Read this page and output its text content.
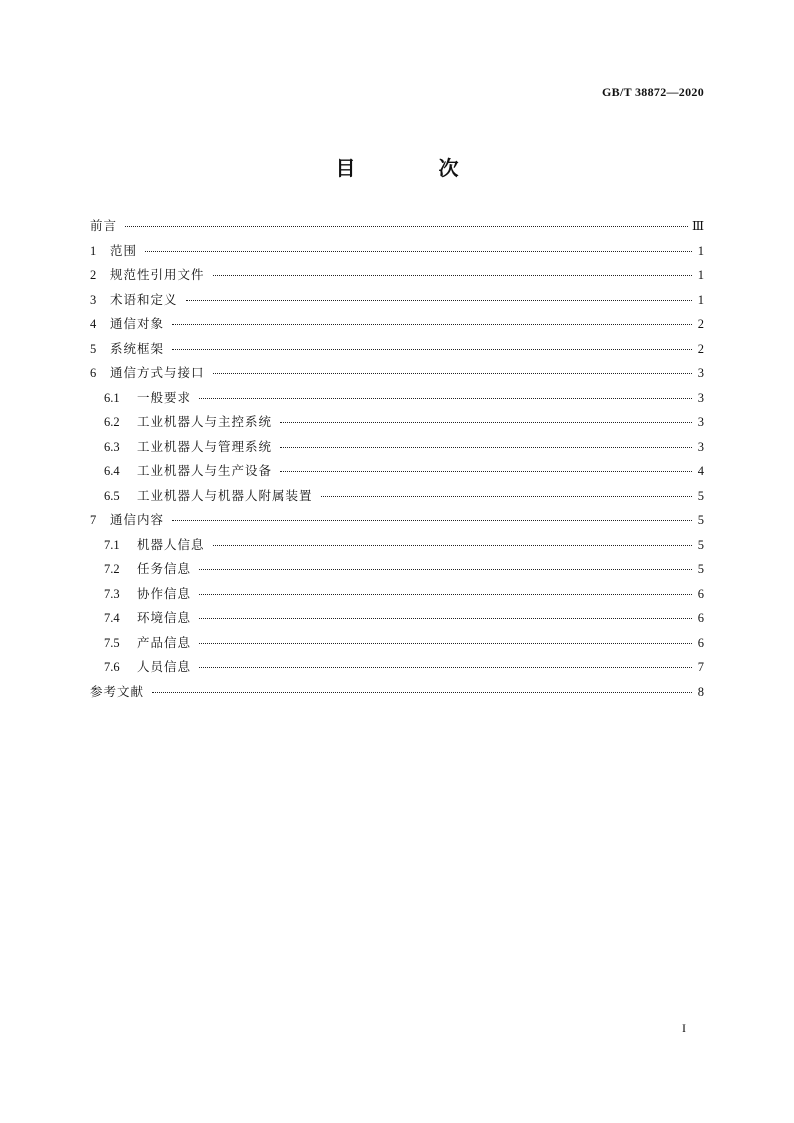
GB/T 38872—2020
目 次
前言	Ⅲ
1	范围	1
2	规范性引用文件	1
3	术语和定义	1
4	通信对象	2
5	系统框架	2
6	通信方式与接口	3
6.1	一般要求	3
6.2	工业机器人与主控系统	3
6.3	工业机器人与管理系统	3
6.4	工业机器人与生产设备	4
6.5	工业机器人与机器人附属装置	5
7	通信内容	5
7.1	机器人信息	5
7.2	任务信息	5
7.3	协作信息	6
7.4	环境信息	6
7.5	产品信息	6
7.6	人员信息	7
参考文献	8
I
